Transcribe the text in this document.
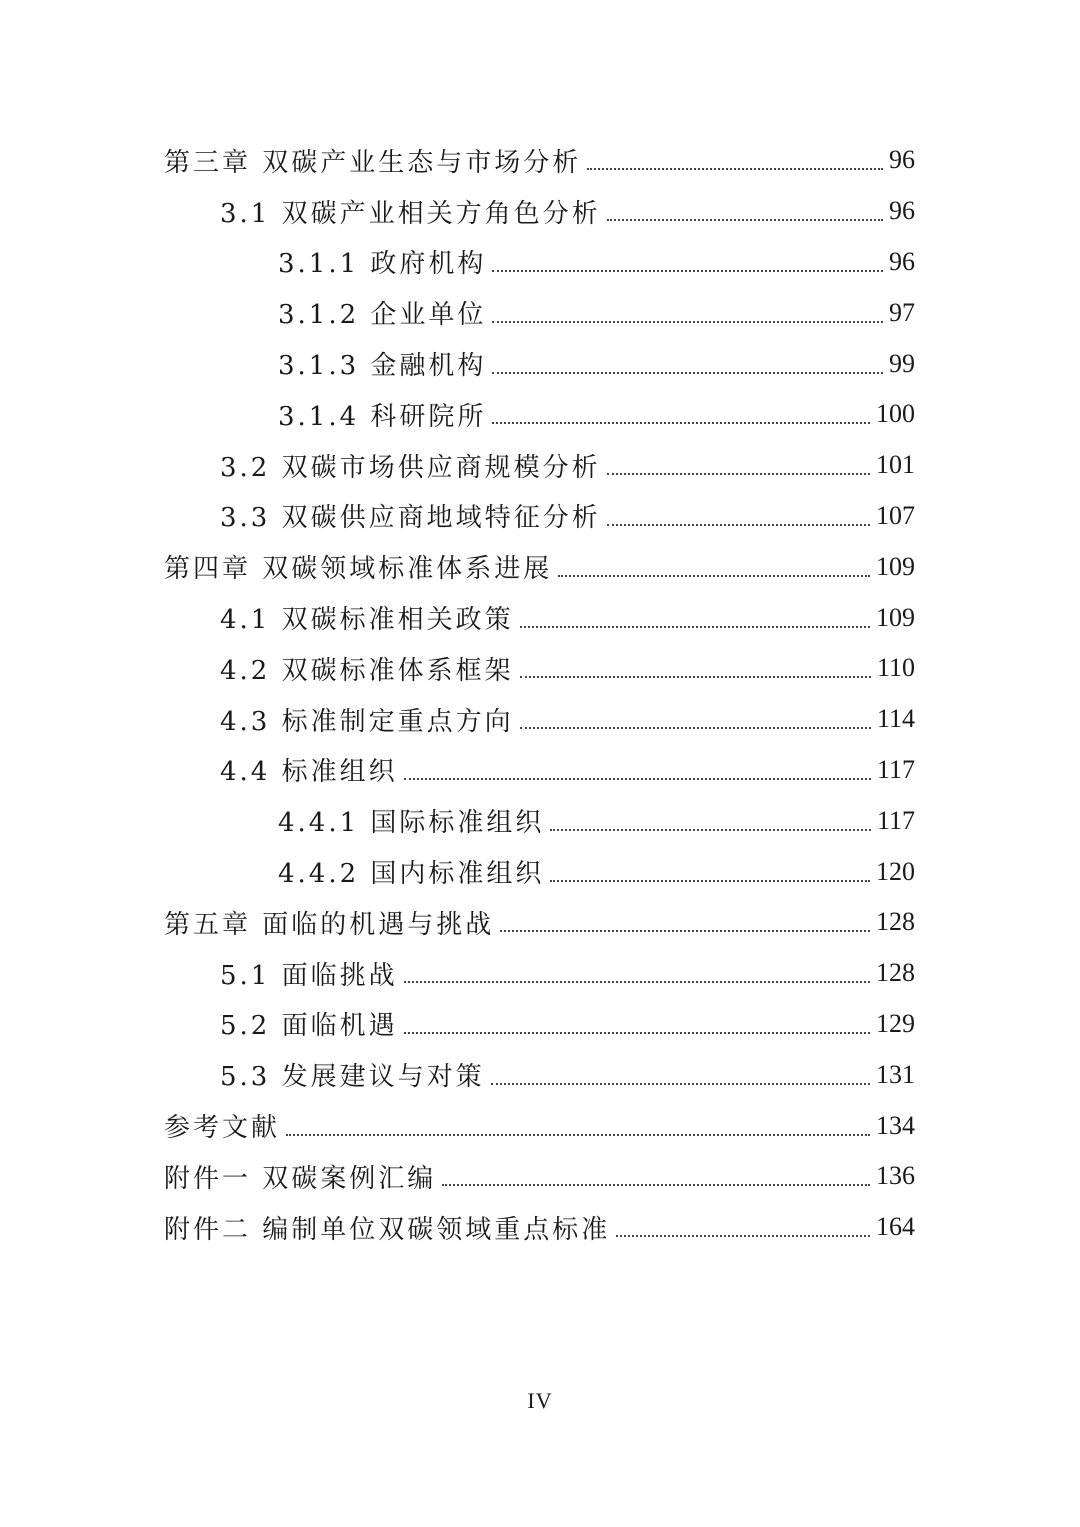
第三章 双碳产业生态与市场分析	96
3.1 双碳产业相关方角色分析	96
3.1.1 政府机构	96
3.1.2 企业单位	97
3.1.3 金融机构	99
3.1.4 科研院所	100
3.2 双碳市场供应商规模分析	101
3.3 双碳供应商地域特征分析	107
第四章 双碳领域标准体系进展	109
4.1 双碳标准相关政策	109
4.2 双碳标准体系框架	110
4.3 标准制定重点方向	114
4.4 标准组织	117
4.4.1 国际标准组织	117
4.4.2 国内标准组织	120
第五章 面临的机遇与挑战	128
5.1 面临挑战	128
5.2 面临机遇	129
5.3 发展建议与对策	131
参考文献	134
附件一 双碳案例汇编	136
附件二 编制单位双碳领域重点标准	164
IV
